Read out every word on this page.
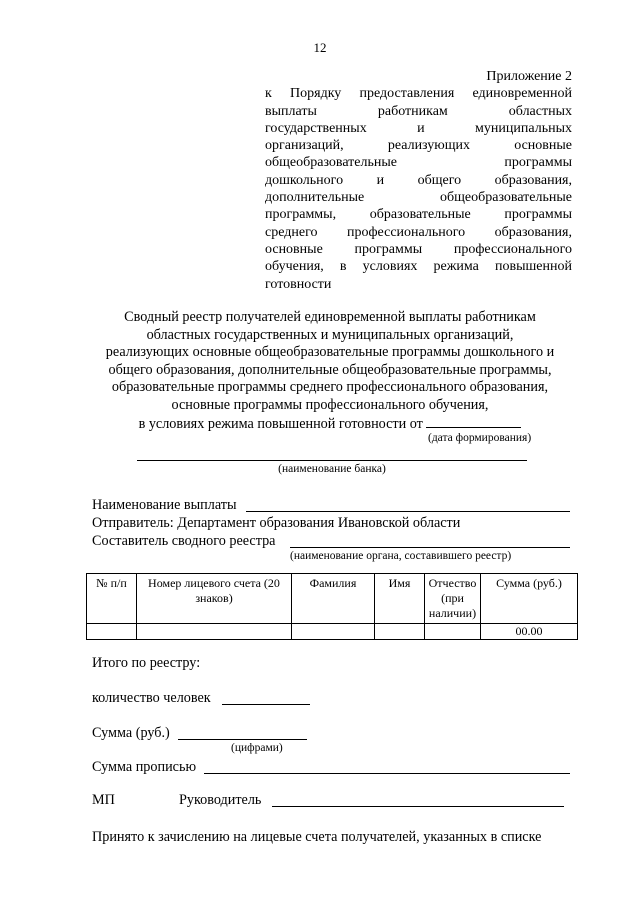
12
Приложение 2
к Порядку предоставления единовременной
выплаты работникам областных
государственных и муниципальных
организаций, реализующих основные
общеобразовательные программы
дошкольного и общего образования,
дополнительные общеобразовательные
программы, образовательные программы
среднего профессионального образования,
основные программы профессионального
обучения, в условиях режима повышенной
готовности
Сводный реестр получателей единовременной выплаты работникам
областных государственных и муниципальных организаций,
реализующих основные общеобразовательные программы дошкольного и
общего образования, дополнительные общеобразовательные программы,
образовательные программы среднего профессионального образования,
основные программы профессионального обучения,
в условиях режима повышенной готовности от
(дата формирования)
(наименование банка)
Наименование выплаты
Отправитель: Департамент образования Ивановской области
Составитель сводного реестра
(наименование органа, составившего реестр)
№ п/п	Номер лицевого счета (20 знаков)	Фамилия	Имя	Отчество (при наличии)	Сумма (руб.)
					00.00
Итого по реестру:
количество человек
Сумма (руб.)
(цифрами)
Сумма прописью
МП	Руководитель
Принято к зачислению на лицевые счета получателей, указанных в списке
